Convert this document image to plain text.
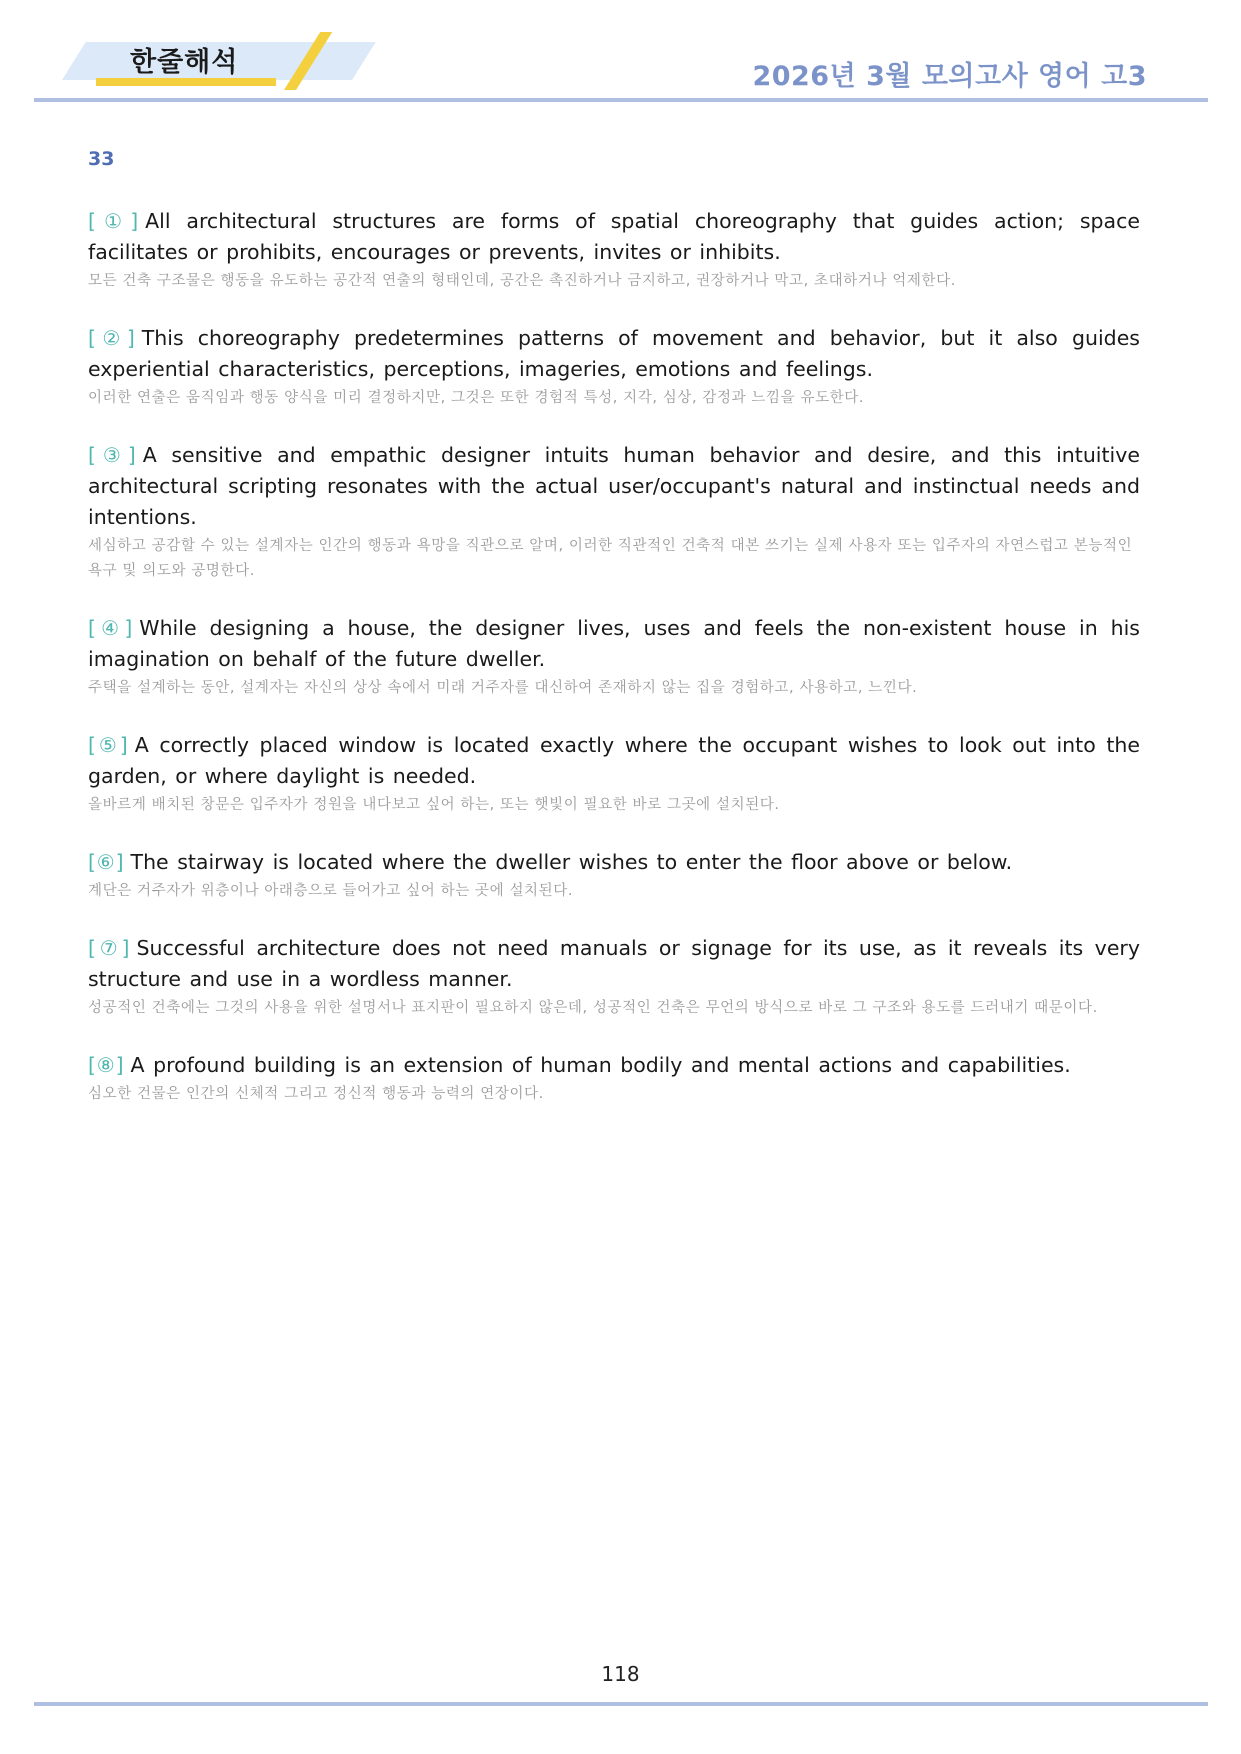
한줄해석	2026년 3월 모의고사 영어 고3
33
[①] All architectural structures are forms of spatial choreography that guides action; space facilitates or prohibits, encourages or prevents, invites or inhibits.
모든 건축 구조물은 행동을 유도하는 공간적 연출의 형태인데, 공간은 촉진하거나 금지하고, 권장하거나 막고, 초대하거나 억제한다.
[②] This choreography predetermines patterns of movement and behavior, but it also guides experiential characteristics, perceptions, imageries, emotions and feelings.
이러한 연출은 움직임과 행동 양식을 미리 결정하지만, 그것은 또한 경험적 특성, 지각, 심상, 감정과 느낌을 유도한다.
[③] A sensitive and empathic designer intuits human behavior and desire, and this intuitive architectural scripting resonates with the actual user/occupant's natural and instinctual needs and intentions.
세심하고 공감할 수 있는 설계자는 인간의 행동과 욕망을 직관으로 알며, 이러한 직관적인 건축적 대본 쓰기는 실제 사용자 또는 입주자의 자연스럽고 본능적인 욕구 및 의도와 공명한다.
[④] While designing a house, the designer lives, uses and feels the non-existent house in his imagination on behalf of the future dweller.
주택을 설계하는 동안, 설계자는 자신의 상상 속에서 미래 거주자를 대신하여 존재하지 않는 집을 경험하고, 사용하고, 느낀다.
[⑤] A correctly placed window is located exactly where the occupant wishes to look out into the garden, or where daylight is needed.
올바르게 배치된 창문은 입주자가 정원을 내다보고 싶어 하는, 또는 햇빛이 필요한 바로 그곳에 설치된다.
[⑥] The stairway is located where the dweller wishes to enter the floor above or below.
계단은 거주자가 위층이나 아래층으로 들어가고 싶어 하는 곳에 설치된다.
[⑦] Successful architecture does not need manuals or signage for its use, as it reveals its very structure and use in a wordless manner.
성공적인 건축에는 그것의 사용을 위한 설명서나 표지판이 필요하지 않은데, 성공적인 건축은 무언의 방식으로 바로 그 구조와 용도를 드러내기 때문이다.
[⑧] A profound building is an extension of human bodily and mental actions and capabilities.
심오한 건물은 인간의 신체적 그리고 정신적 행동과 능력의 연장이다.
118
